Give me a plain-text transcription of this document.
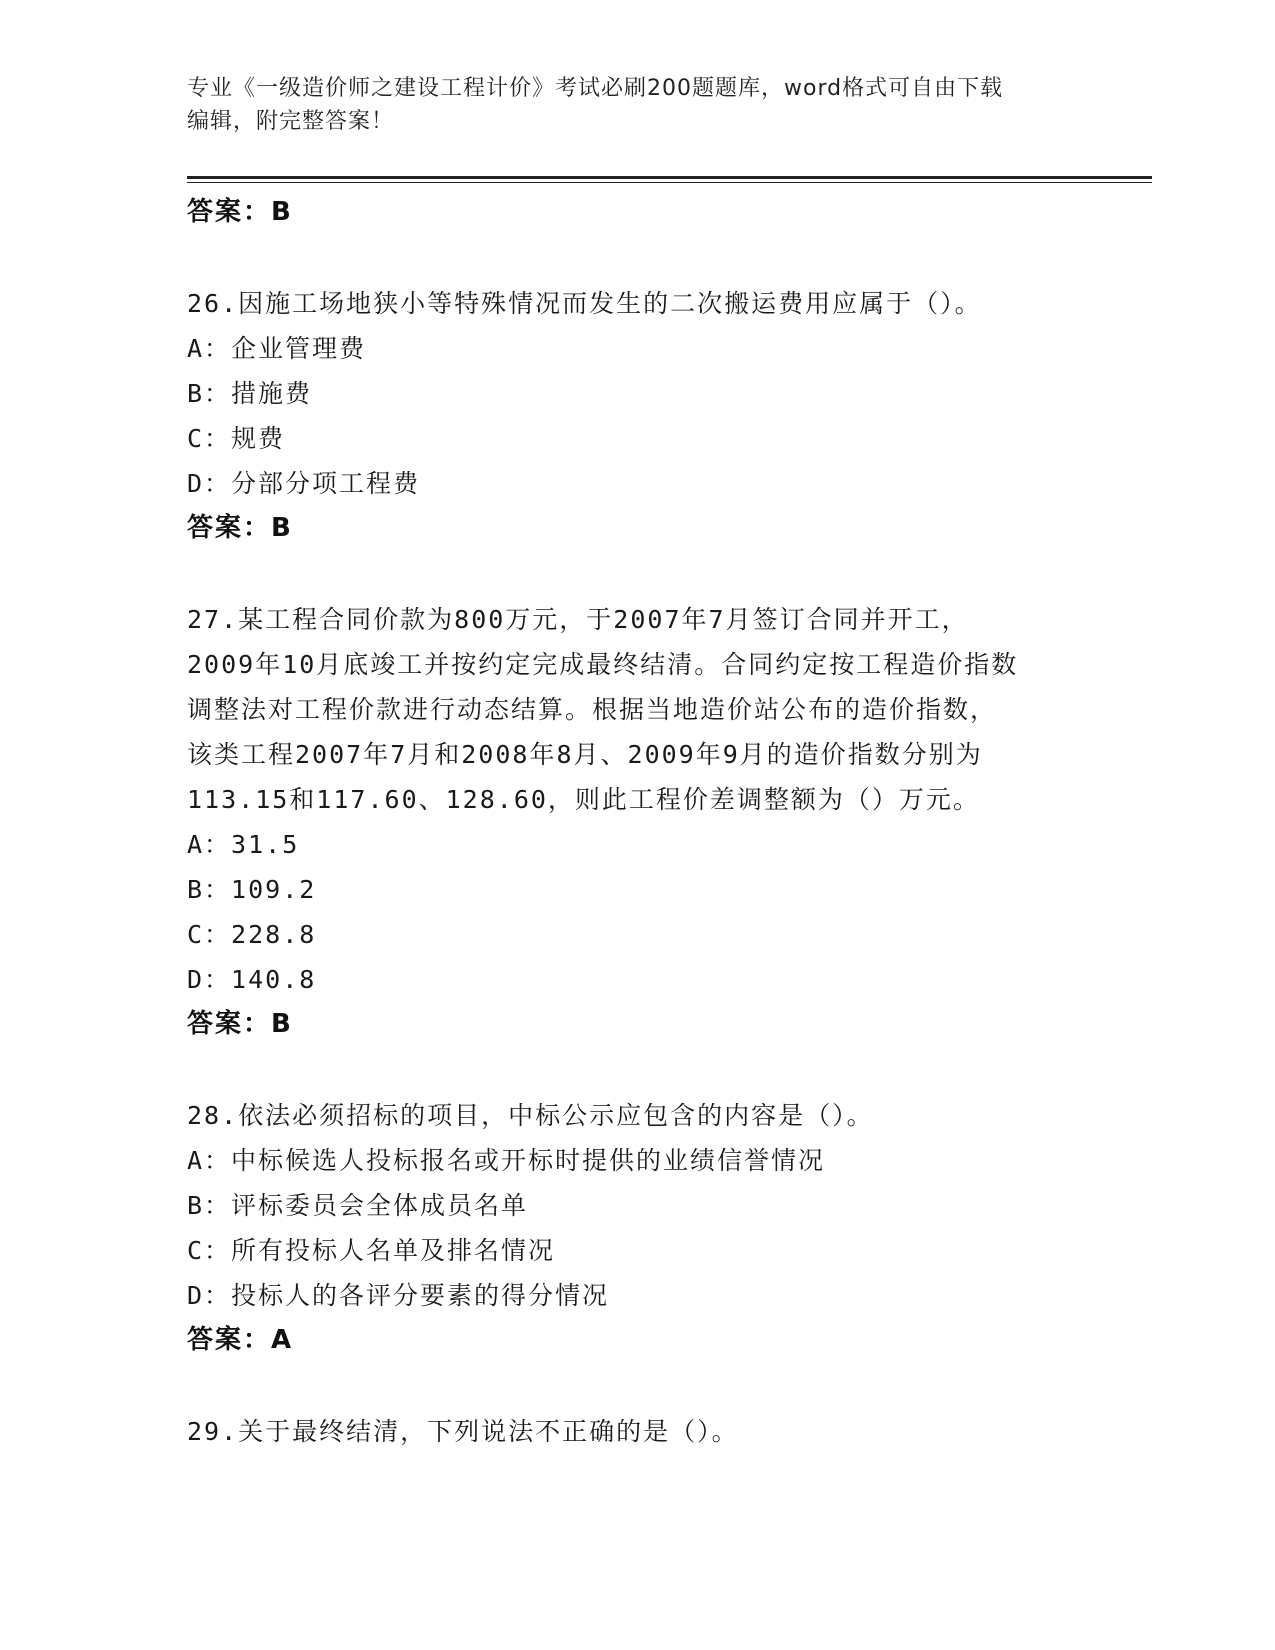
专业《一级造价师之建设工程计价》考试必刷200题题库，word格式可自由下载
编辑，附完整答案！
答案：B
26.因施工场地狭小等特殊情况而发生的二次搬运费用应属于（）。
A：企业管理费
B：措施费
C：规费
D：分部分项工程费
答案：B
27.某工程合同价款为800万元，于2007年7月签订合同并开工，
2009年10月底竣工并按约定完成最终结清。合同约定按工程造价指数
调整法对工程价款进行动态结算。根据当地造价站公布的造价指数，
该类工程2007年7月和2008年8月、2009年9月的造价指数分别为
113.15和117.60、128.60，则此工程价差调整额为（）万元。
A：31.5
B：109.2
C：228.8
D：140.8
答案：B
28.依法必须招标的项目，中标公示应包含的内容是（）。
A：中标候选人投标报名或开标时提供的业绩信誉情况
B：评标委员会全体成员名单
C：所有投标人名单及排名情况
D：投标人的各评分要素的得分情况
答案：A
29.关于最终结清，下列说法不正确的是（）。
